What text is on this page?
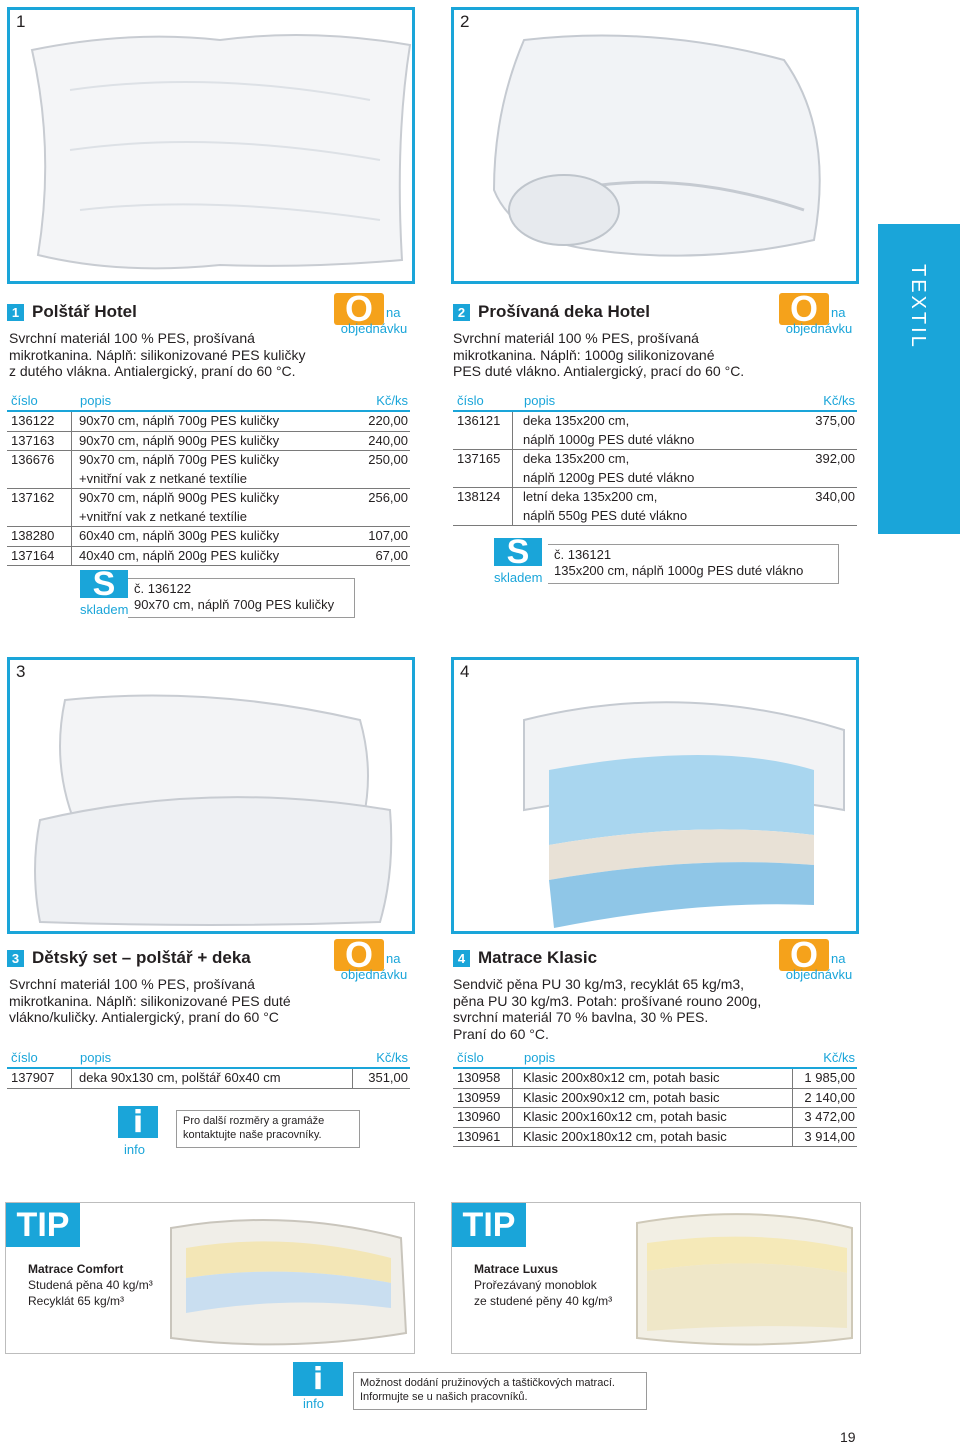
1	2
3	4
TEXTIL
1 Polštář Hotel
Svrchní materiál 100 % PES, prošívaná
mikrotkanina. Náplň: silikonizované PES kuličky
z dutého vlákna. Antialergický, praní do 60 °C.
O	na
objednávku
číslo	popis	Kč/ks
136122 90x70 cm, náplň 700g PES kuličky	220,00
137163 90x70 cm, náplň 900g PES kuličky	240,00
136676 90x70 cm, náplň 700g PES kuličky	250,00
+vnitřní vak z netkané textílie
137162 90x70 cm, náplň 900g PES kuličky	256,00
+vnitřní vak z netkané textílie
138280 60x40 cm, náplň 300g PES kuličky	107,00
137164 40x40 cm, náplň 200g PES kuličky	67,00
S
skladem
č. 136122
90x70 cm, náplň 700g PES kuličky
2 Prošívaná deka Hotel
Svrchní materiál 100 % PES, prošívaná
mikrotkanina. Náplň: 1000g silikonizované
PES duté vlákno. Antialergický, prací do 60 °C.
O	na
objednávku
číslo	popis	Kč/ks
136121 deka 135x200 cm,	375,00
náplň 1000g PES duté vlákno
137165 deka 135x200 cm,	392,00
náplň 1200g PES duté vlákno
138124 letní deka 135x200 cm,	340,00
náplň 550g PES duté vlákno
S
skladem
č. 136121
135x200 cm, náplň 1000g PES duté vlákno
3 Dětský set – polštář + deka
Svrchní materiál 100 % PES, prošívaná
mikrotkanina. Náplň: silikonizované PES duté
vlákno/kuličky. Antialergický, praní do 60 °C
O	na
objednávku
číslo	popis	Kč/ks
137907 deka 90x130 cm, polštář 60x40 cm	351,00
i
info
Pro další rozměry a gramáže
kontaktujte naše pracovníky.
4 Matrace Klasic
Sendvič pěna PU 30 kg/m3, recyklát 65 kg/m3,
pěna PU 30 kg/m3. Potah: prošívané rouno 200g,
svrchní materiál 70 % bavlna, 30 % PES.
Praní do 60 °C.
O	na
objednávku
číslo	popis	Kč/ks
130958 Klasic 200x80x12 cm, potah basic	1 985,00
130959 Klasic 200x90x12 cm, potah basic	2 140,00
130960 Klasic 200x160x12 cm, potah basic	3 472,00
130961 Klasic 200x180x12 cm, potah basic	3 914,00
TIP
Matrace Comfort
Studená pěna 40 kg/m³
Recyklát 65 kg/m³
TIP
Matrace Luxus
Prořezávaný monoblok
ze studené pěny 40 kg/m³
i
info
Možnost dodání pružinových a taštičkových matrací.
Informujte se u našich pracovníků.
19
